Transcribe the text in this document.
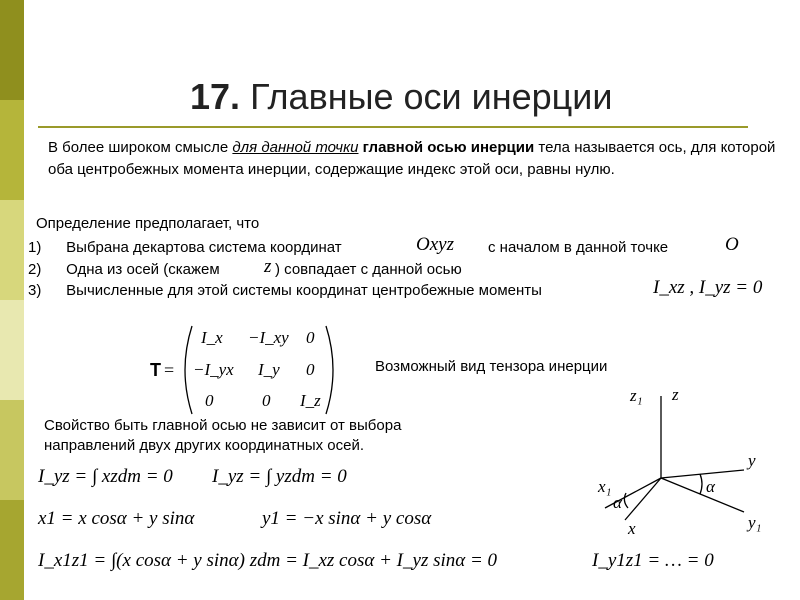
17. Главные оси инерции
В более широком смысле для данной точки главной осью инерции тела называется ось, для которой оба центробежных момента инерции, содержащие индекс этой оси, равны нулю.
Определение предполагает, что
1) Выбрана декартова система координат	Oxyz с началом в данной точке	O
2) Одна из осей (скажем z ) совпадает с данной осью
3) Вычисленные для этой системы координат центробежные моменты	I_xz , I_yz = 0
T =
I_x −I_xy 0
−I_yx I_y 0
0	0 I_z
Возможный вид тензора инерции
Свойство быть главной осью не зависит от выбора направлений двух других координатных осей.
I_yz = ∫ xzdm = 0 I_yz = ∫ yzdm = 0
x1 = x cosα + y sinα	y1 = −x sinα + y cosα
I_x1z1 = ∫(x cosα + y sinα) zdm = I_xz cosα + I_yz sinα = 0	I_y1z1 = … = 0
z₁ z
y
y₁
x₁
x
α
α
